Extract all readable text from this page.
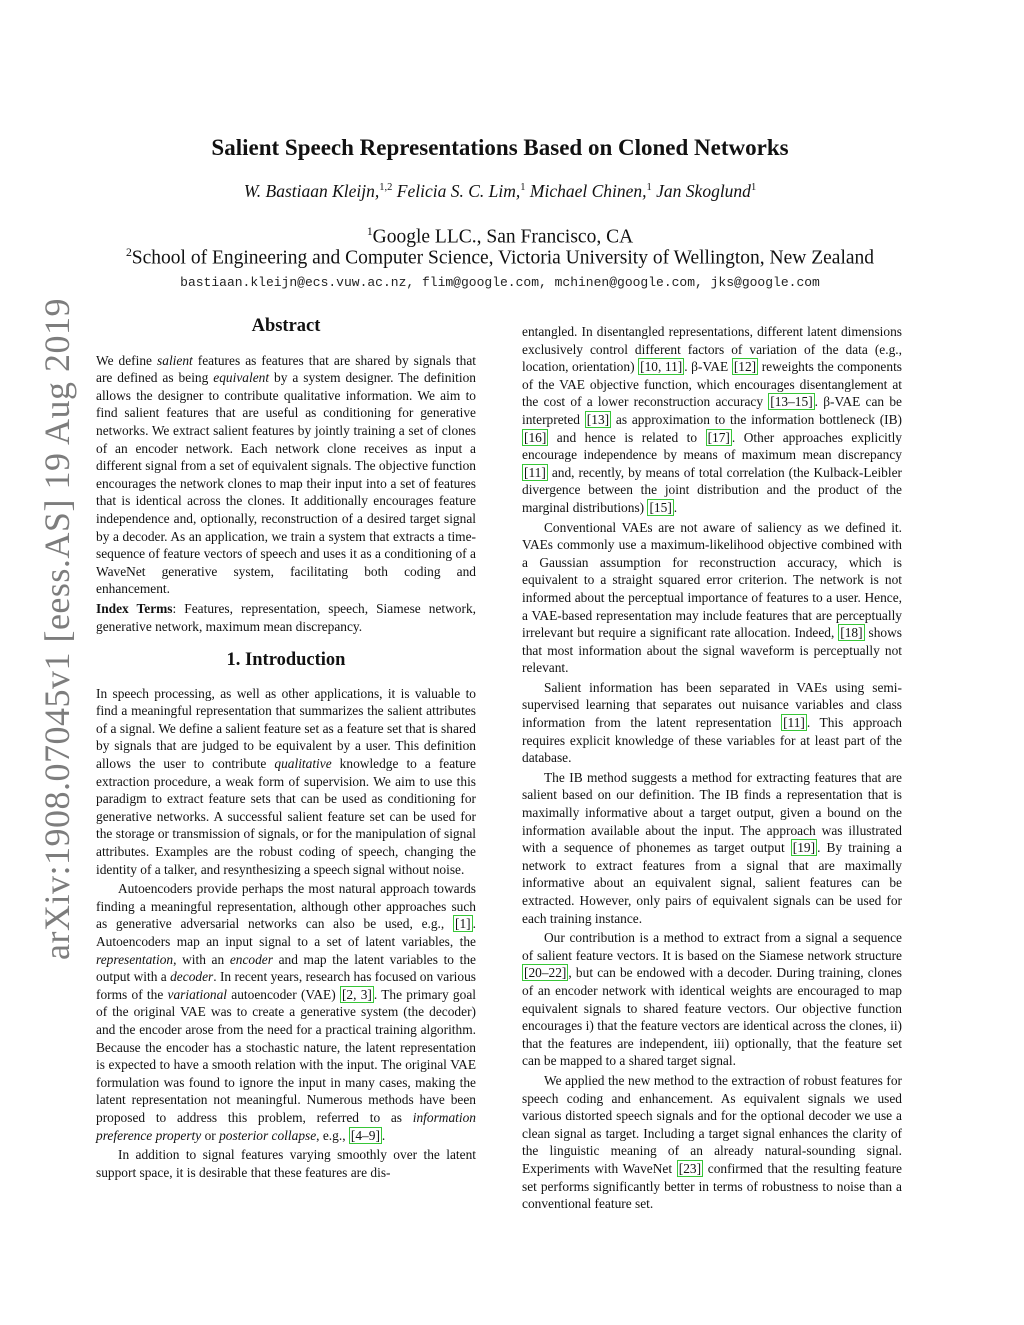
arXiv:1908.07045v1 [eess.AS] 19 Aug 2019
Salient Speech Representations Based on Cloned Networks
W. Bastiaan Kleijn,$^{1,2}$ Felicia S. C. Lim,$^1$ Michael Chinen,$^1$ Jan Skoglund$^1$
$^1$Google LLC., San Francisco, CA
$^2$School of Engineering and Computer Science, Victoria University of Wellington, New Zealand
bastiaan.kleijn@ecs.vuw.ac.nz, flim@google.com, mchinen@google.com, jks@google.com
Abstract

We define salient features as features that are shared by signals that are defined as being equivalent by a system designer. The definition allows the designer to contribute qualitative information. We aim to find salient features that are useful as conditioning for generative networks. We extract salient features by jointly training a set of clones of an encoder network. Each network clone receives as input a different signal from a set of equivalent signals. The objective function encourages the network clones to map their input into a set of features that is identical across the clones. It additionally encourages feature independence and, optionally, reconstruction of a desired target signal by a decoder. As an application, we train a system that extracts a time-sequence of feature vectors of speech and uses it as a conditioning of a WaveNet generative system, facilitating both coding and enhancement.

Index Terms: Features, representation, speech, Siamese network, generative network, maximum mean discrepancy.

1. Introduction

In speech processing, as well as other applications, it is valuable to find a meaningful representation that summarizes the salient attributes of a signal. We define a salient feature set as a feature set that is shared by signals that are judged to be equivalent by a user. This definition allows the user to contribute qualitative knowledge to a feature extraction procedure, a weak form of supervision. We aim to use this paradigm to extract feature sets that can be used as conditioning for generative networks. A successful salient feature set can be used for the storage or transmission of signals, or for the manipulation of signal attributes. Examples are the robust coding of speech, changing the identity of a talker, and resynthesizing a speech signal without noise.

Autoencoders provide perhaps the most natural approach towards finding a meaningful representation, although other approaches such as generative adversarial networks can also be used, e.g., [1] . Autoencoders map an input signal to a set of latent variables, the representation, with an encoder and map the latent variables to the output with a decoder. In recent years, research has focused on various forms of the variational autoencoder (VAE) [2, 3] . The primary goal of the original VAE was to create a generative system (the decoder) and the encoder arose from the need for a practical training algorithm. Because the encoder has a stochastic nature, the latent representation is expected to have a smooth relation with the input. The original VAE formulation was found to ignore the input in many cases, making the latent representation not meaningful. Numerous methods have been proposed to address this problem, referred to as information preference property or posterior collapse, e.g., [4–9] .

In addition to signal features varying smoothly over the latent support space, it is desirable that these features are dis-

entangled. In disentangled representations, different latent dimensions exclusively control different factors of variation of the data (e.g., location, orientation) [10, 11] . β-VAE [12] reweights the components of the VAE objective function, which encourages disentanglement at the cost of a lower reconstruction accuracy [13–15] . β-VAE can be interpreted [13] as approximation to the information bottleneck (IB) [16] and hence is related to [17] . Other approaches explicitly encourage independence by means of maximum mean discrepancy [11] and, recently, by means of total correlation (the Kulback-Leibler divergence between the joint distribution and the product of the marginal distributions) [15] .

Conventional VAEs are not aware of saliency as we defined it. VAEs commonly use a maximum-likelihood objective combined with a Gaussian assumption for reconstruction accuracy, which is equivalent to a straight squared error criterion. The network is not informed about the perceptual importance of features to a user. Hence, a VAE-based representation may include features that are perceptually irrelevant but require a significant rate allocation. Indeed, [18] shows that most information about the signal waveform is perceptually not relevant.

Salient information has been separated in VAEs using semi-supervised learning that separates out nuisance variables and class information from the latent representation [11] . This approach requires explicit knowledge of these variables for at least part of the database.

The IB method suggests a method for extracting features that are salient based on our definition. The IB finds a representation that is maximally informative about a target output, given a bound on the information available about the input. The approach was illustrated with a sequence of phonemes as target output [19] . By training a network to extract features from a signal that are maximally informative about an equivalent signal, salient features can be extracted. However, only pairs of equivalent signals can be used for each training instance.

Our contribution is a method to extract from a signal a sequence of salient feature vectors. It is based on the Siamese network structure [20–22] , but can be endowed with a decoder. During training, clones of an encoder network with identical weights are encouraged to map equivalent signals to shared feature vectors. Our objective function encourages i) that the feature vectors are identical across the clones, ii) that the features are independent, iii) optionally, that the feature set can be mapped to a shared target signal.

We applied the new method to the extraction of robust features for speech coding and enhancement. As equivalent signals we used various distorted speech signals and for the optional decoder we use a clean signal as target. Including a target signal enhances the clarity of the linguistic meaning of an already natural-sounding signal. Experiments with WaveNet [23] confirmed that the resulting feature set performs significantly better in terms of robustness to noise than a conventional feature set.
